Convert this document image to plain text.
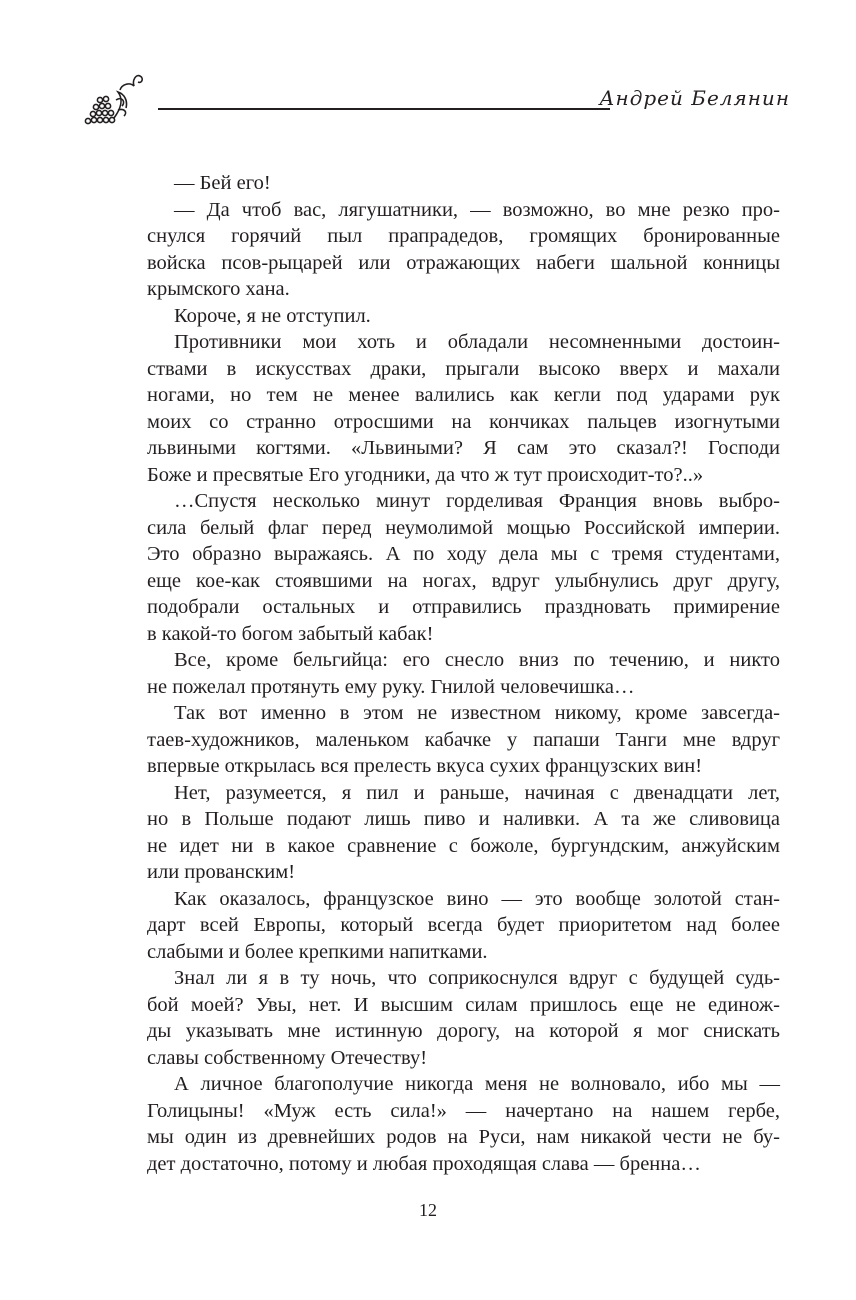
Андрей Белянин
— Бей его!
— Да чтоб вас, лягушатники, — возможно, во мне резко про-
снулся горячий пыл прапрадедов, громящих бронированные
войска псов-рыцарей или отражающих набеги шальной конницы
крымского хана.
Короче, я не отступил.
Противники мои хоть и обладали несомненными достоин-
ствами в искусствах драки, прыгали высоко вверх и махали
ногами, но тем не менее валились как кегли под ударами рук
моих со странно отросшими на кончиках пальцев изогнутыми
львиными когтями. «Львиными? Я сам это сказал?! Господи
Боже и пресвятые Его угодники, да что ж тут происходит-то?..»
…Спустя несколько минут горделивая Франция вновь выбро-
сила белый флаг перед неумолимой мощью Российской империи.
Это образно выражаясь. А по ходу дела мы с тремя студентами,
еще кое-как стоявшими на ногах, вдруг улыбнулись друг другу,
подобрали остальных и отправились праздновать примирение
в какой-то богом забытый кабак!
Все, кроме бельгийца: его снесло вниз по течению, и никто
не пожелал протянуть ему руку. Гнилой человечишка…
Так вот именно в этом не известном никому, кроме завсегда-
таев-художников, маленьком кабачке у папаши Танги мне вдруг
впервые открылась вся прелесть вкуса сухих французских вин!
Нет, разумеется, я пил и раньше, начиная с двенадцати лет,
но в Польше подают лишь пиво и наливки. А та же сливовица
не идет ни в какое сравнение с божоле, бургундским, анжуйским
или прованским!
Как оказалось, французское вино — это вообще золотой стан-
дарт всей Европы, который всегда будет приоритетом над более
слабыми и более крепкими напитками.
Знал ли я в ту ночь, что соприкоснулся вдруг с будущей судь-
бой моей? Увы, нет. И высшим силам пришлось еще не единож-
ды указывать мне истинную дорогу, на которой я мог снискать
славы собственному Отечеству!
А личное благополучие никогда меня не волновало, ибо мы —
Голицыны! «Муж есть сила!» — начертано на нашем гербе,
мы один из древнейших родов на Руси, нам никакой чести не бу-
дет достаточно, потому и любая проходящая слава — бренна…
12
